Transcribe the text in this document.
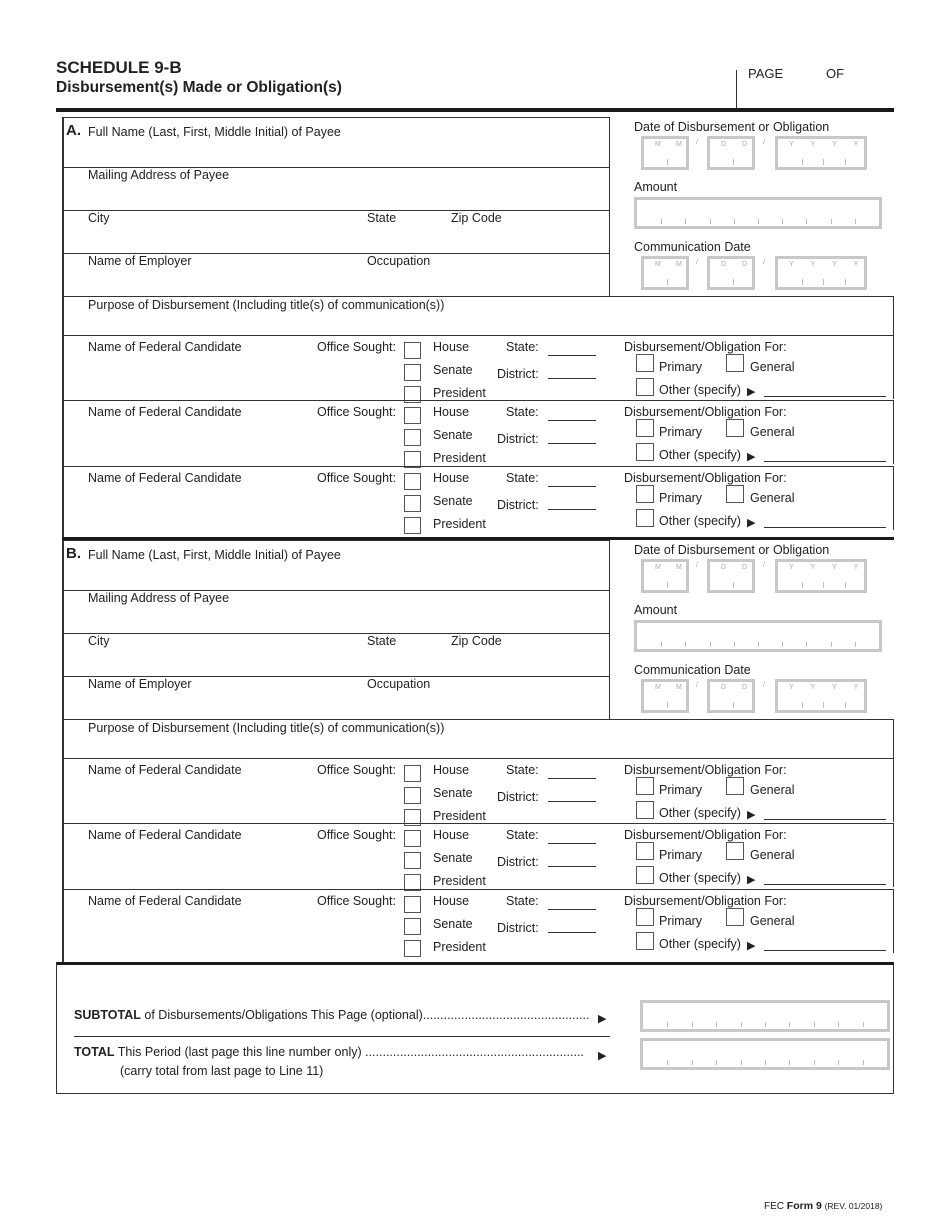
SCHEDULE 9-B
Disbursement(s) Made or Obligation(s)
PAGE	OF
A. Full Name (Last, First, Middle Initial) of Payee
Mailing Address of Payee
City	State	Zip Code
Name of Employer	Occupation
Purpose of Disbursement (Including title(s) of communication(s))
Date of Disbursement or Obligation
M M	D D	Y Y Y Y
/	/
Amount
Communication Date
M M	D D	Y Y Y Y
/	/
Name of Federal Candidate	Office Sought:	House
Senate
President
State:
District:
Disbursement/Obligation For:
Primary	General
Other (specify) ▶
Name of Federal Candidate	Office Sought:	House
Senate
President
State:
District:
Disbursement/Obligation For:
Primary	General
Other (specify) ▶
Name of Federal Candidate	Office Sought:	House
Senate
President
State:
District:
Disbursement/Obligation For:
Primary	General
Other (specify) ▶
B. Full Name (Last, First, Middle Initial) of Payee
Mailing Address of Payee
City	State	Zip Code
Name of Employer	Occupation
Purpose of Disbursement (Including title(s) of communication(s))
Date of Disbursement or Obligation
M M	D D	Y Y Y Y
/	/
Amount
Communication Date
M M	D D	Y Y Y Y
/	/
Name of Federal Candidate	Office Sought:	House
Senate
President
State:
District:
Disbursement/Obligation For:
Primary	General
Other (specify) ▶
Name of Federal Candidate	Office Sought:	House
Senate
President
State:
District:
Disbursement/Obligation For:
Primary	General
Other (specify) ▶
Name of Federal Candidate	Office Sought:	House
Senate
President
State:
District:
Disbursement/Obligation For:
Primary	General
Other (specify) ▶
SUBTOTAL of Disbursements/Obligations This Page (optional)................................................ ▶
TOTAL This Period (last page this line number only) ............................................................... ▶
(carry total from last page to Line 11)
FEC Form 9 (REV. 01/2018)
